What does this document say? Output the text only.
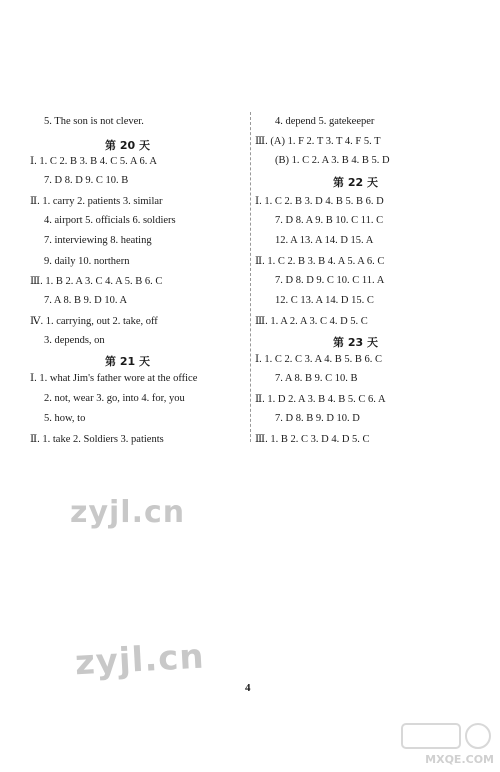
5. The son is not clever.
第 20 天
Ⅰ. 1. C 2. B 3. B 4. C 5. A 6. A
7. D 8. D 9. C 10. B
Ⅱ. 1. carry 2. patients 3. similar
4. airport 5. officials 6. soldiers
7. interviewing 8. heating
9. daily 10. northern
Ⅲ. 1. B 2. A 3. C 4. A 5. B 6. C
7. A 8. B 9. D 10. A
Ⅳ. 1. carrying, out 2. take, off
3. depends, on
第 21 天
Ⅰ. 1. what Jim's father wore at the office
2. not, wear 3. go, into 4. for, you
5. how, to
Ⅱ. 1. take 2. Soldiers 3. patients
4. depend 5. gatekeeper
Ⅲ. (A) 1. F 2. T 3. T 4. F 5. T
(B) 1. C 2. A 3. B 4. B 5. D
第 22 天
Ⅰ. 1. C 2. B 3. D 4. B 5. B 6. D
7. D 8. A 9. B 10. C 11. C
12. A 13. A 14. D 15. A
Ⅱ. 1. C 2. B 3. B 4. A 5. A 6. C
7. D 8. D 9. C 10. C 11. A
12. C 13. A 14. D 15. C
Ⅲ. 1. A 2. A 3. C 4. D 5. C
第 23 天
Ⅰ. 1. C 2. C 3. A 4. B 5. B 6. C
7. A 8. B 9. C 10. B
Ⅱ. 1. D 2. A 3. B 4. B 5. C 6. A
7. D 8. B 9. D 10. D
Ⅲ. 1. B 2. C 3. D 4. D 5. C
zyjl.cn
zyjl.cn
4
MXQE.COM
